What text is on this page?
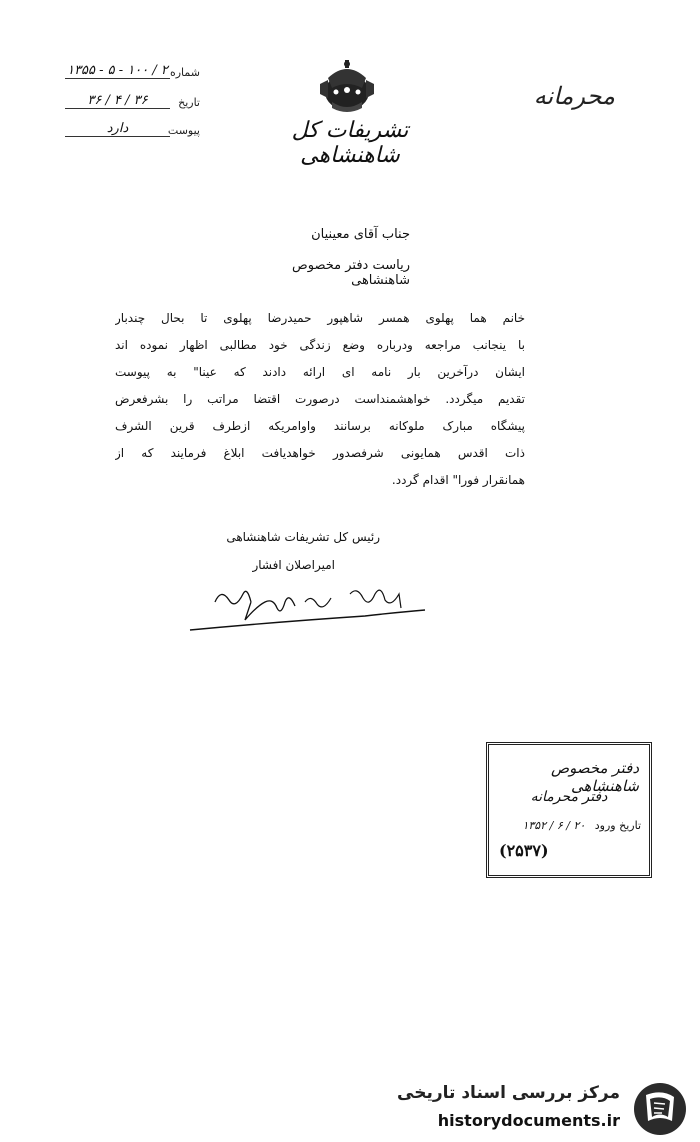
شماره
۱۳۵۵ - ۵ - ۱۰۰ / ۲
تاریخ
۳۶ / ۴ / ۳۶
پیوست
دارد	تشریفات کل شاهنشاهی
محرمانه
جناب آقای معینیان
ریاست دفتر مخصوص شاهنشاهی
خانم هما پهلوی همسر شاهپور حمیدرضا پهلوی تا بحال چندبار
با ینجانب مراجعه ودرباره وضع زندگی خود مطالبی اظهار نموده اند
ایشان درآخرین بار نامه ای ارائه دادند که عینا" به پیوست
تقدیم میگردد. خواهشمنداست درصورت اقتضا مراتب را بشرفعرض
پیشگاه مبارک ملوکانه برسانند واوامریکه ازطرف قرین الشرف
ذات اقدس همایونی شرفصدور خواهدیافت ابلاغ فرمایند که از
همانقرار فورا" اقدام گردد.
رئیس کل تشریفات شاهنشاهی
امیراصلان افشار
دفتر مخصوص شاهنشاهی
دفتر محرمانه
تاریخ ورود ۲۰ / ۶ / ۱۳۵۲
(۲۵۳۷)
مرکز بررسی اسناد تاریخی
historydocuments.ir
